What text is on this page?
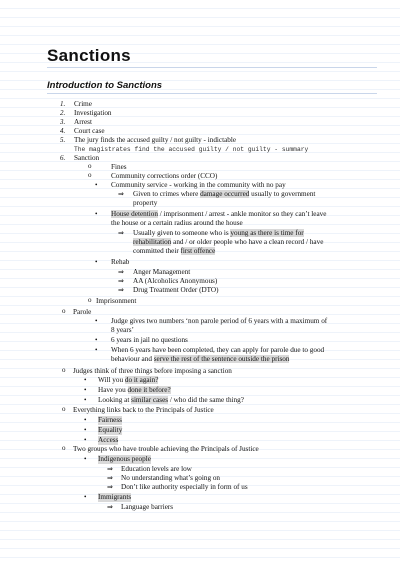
Sanctions
Introduction to Sanctions
1. Crime
2. Investigation
3. Arrest
4. Court case
5. The jury finds the accused guilty / not guilty - indictable
The magistrates find the accused guilty / not guilty - summary
6. Sanction
o	Fines
o	Community corrections order (CCO)
• Community service - working in the community with no pay
⇒ Given to crimes where damage occurred usually to government
property
• House detention / imprisonment / arrest - ankle monitor so they can’t leave
the house or a certain radius around the house
⇒ Usually given to someone who is young as there is time for
rehabilitation and / or older people who have a clean record / have
committed their first offence
• Rehab
⇒ Anger Management
⇒ AA (Alcoholics Anonymous)
⇒ Drug Treatment Order (DTO)
o Imprisonment
o Parole
• Judge gives two numbers ‘non parole period of 6 years with a maximum of
8 years’
• 6 years in jail no questions
• When 6 years have been completed, they can apply for parole due to good
behaviour and serve the rest of the sentence outside the prison
o Judges think of three things before imposing a sanction
• Will you do it again?
• Have you done it before?
• Looking at similar cases / who did the same thing?
o Everything links back to the Principals of Justice
• Fairness
• Equality
• Access
o Two groups who have trouble achieving the Principals of Justice
• Indigenous people
⇒ Education levels are low
⇒ No understanding what’s going on
⇒ Don’t like authority especially in form of us
• Immigrants
⇒ Language barriers
